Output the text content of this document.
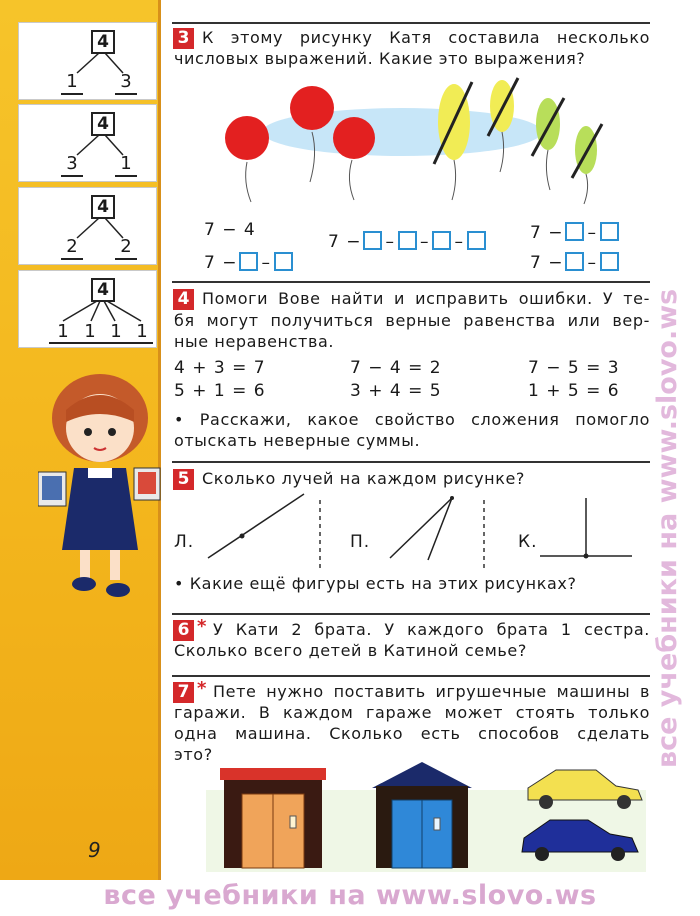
4
1 3
4
3 1
4
2 2
4
1 1 1 1
9
3 К этому рисунку Катя составила несколько
числовых выражений. Какие это выражения?
7 − 4
7 − –
7 − – – –	7 − –
7 − –
4 Помоги Вове найти и исправить ошибки. У те-
бя могут получиться верные равенства или вер-
ные неравенства.
4 + 3 = 7	7 − 4 = 2	7 − 5 = 3
5 + 1 = 6	3 + 4 = 5	1 + 5 = 6
• Расскажи, какое свойство сложения помогло
отыскать неверные суммы.
5 Сколько лучей на каждом рисунке?
Л.	П.	К.
• Какие ещё фигуры есть на этих рисунках?
6 * У Кати 2 брата. У каждого брата 1 сестра.
Сколько всего детей в Катиной семье?
7 * Пете нужно поставить игрушечные машины в
гаражи. В каждом гараже может стоять только
одна машина. Сколько есть способов сделать
это?	все учебники на www.slovo.ws
все учебники на www.slovo.ws
